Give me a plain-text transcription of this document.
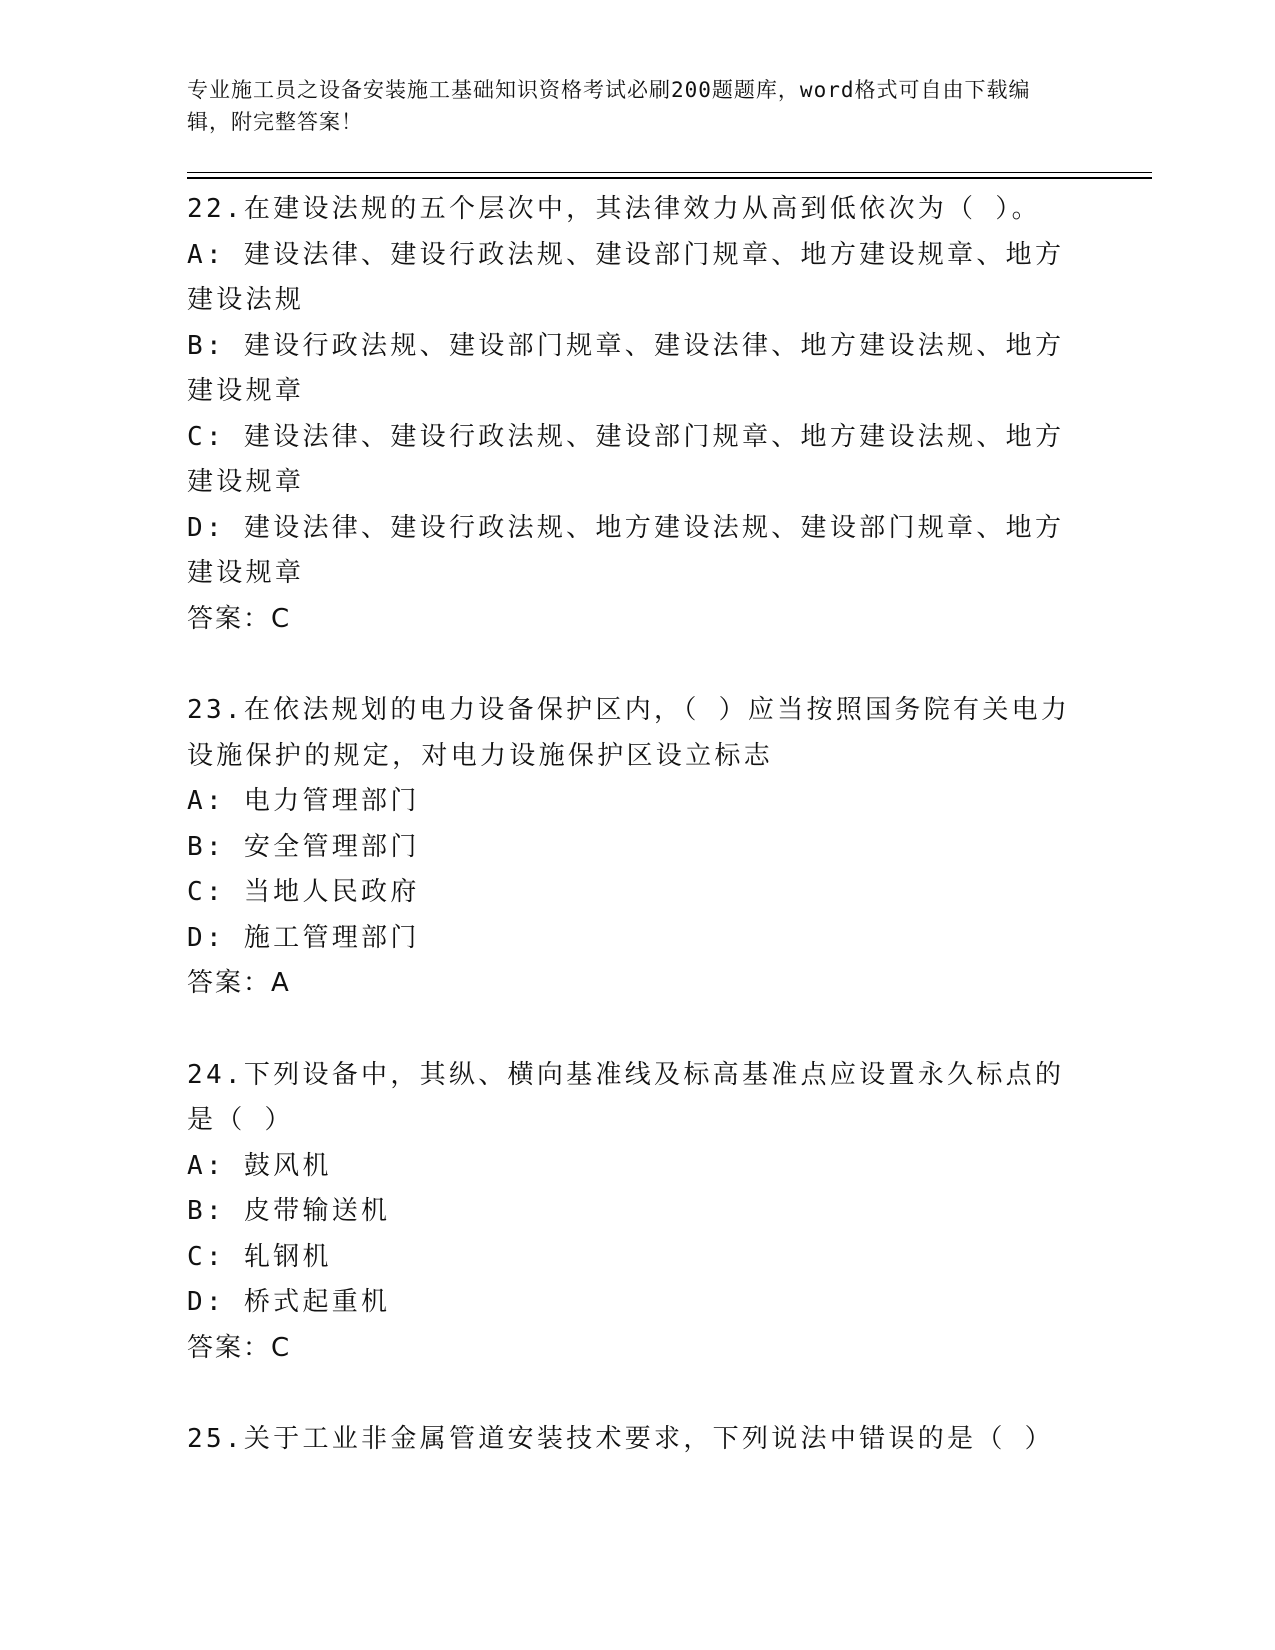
专业施工员之设备安装施工基础知识资格考试必刷200题题库，word格式可自由下载编辑，附完整答案！
22.在建设法规的五个层次中，其法律效力从高到低依次为（ ）。
A: 建设法律、建设行政法规、建设部门规章、地方建设规章、地方建设法规
B: 建设行政法规、建设部门规章、建设法律、地方建设法规、地方建设规章
C: 建设法律、建设行政法规、建设部门规章、地方建设法规、地方建设规章
D: 建设法律、建设行政法规、地方建设法规、建设部门规章、地方建设规章
答案：C
23.在依法规划的电力设备保护区内，（ ）应当按照国务院有关电力设施保护的规定，对电力设施保护区设立标志
A: 电力管理部门
B: 安全管理部门
C: 当地人民政府
D: 施工管理部门
答案：A
24.下列设备中，其纵、横向基准线及标高基准点应设置永久标点的是（ ）
A: 鼓风机
B: 皮带输送机
C: 轧钢机
D: 桥式起重机
答案：C
25.关于工业非金属管道安装技术要求，下列说法中错误的是（ ）
